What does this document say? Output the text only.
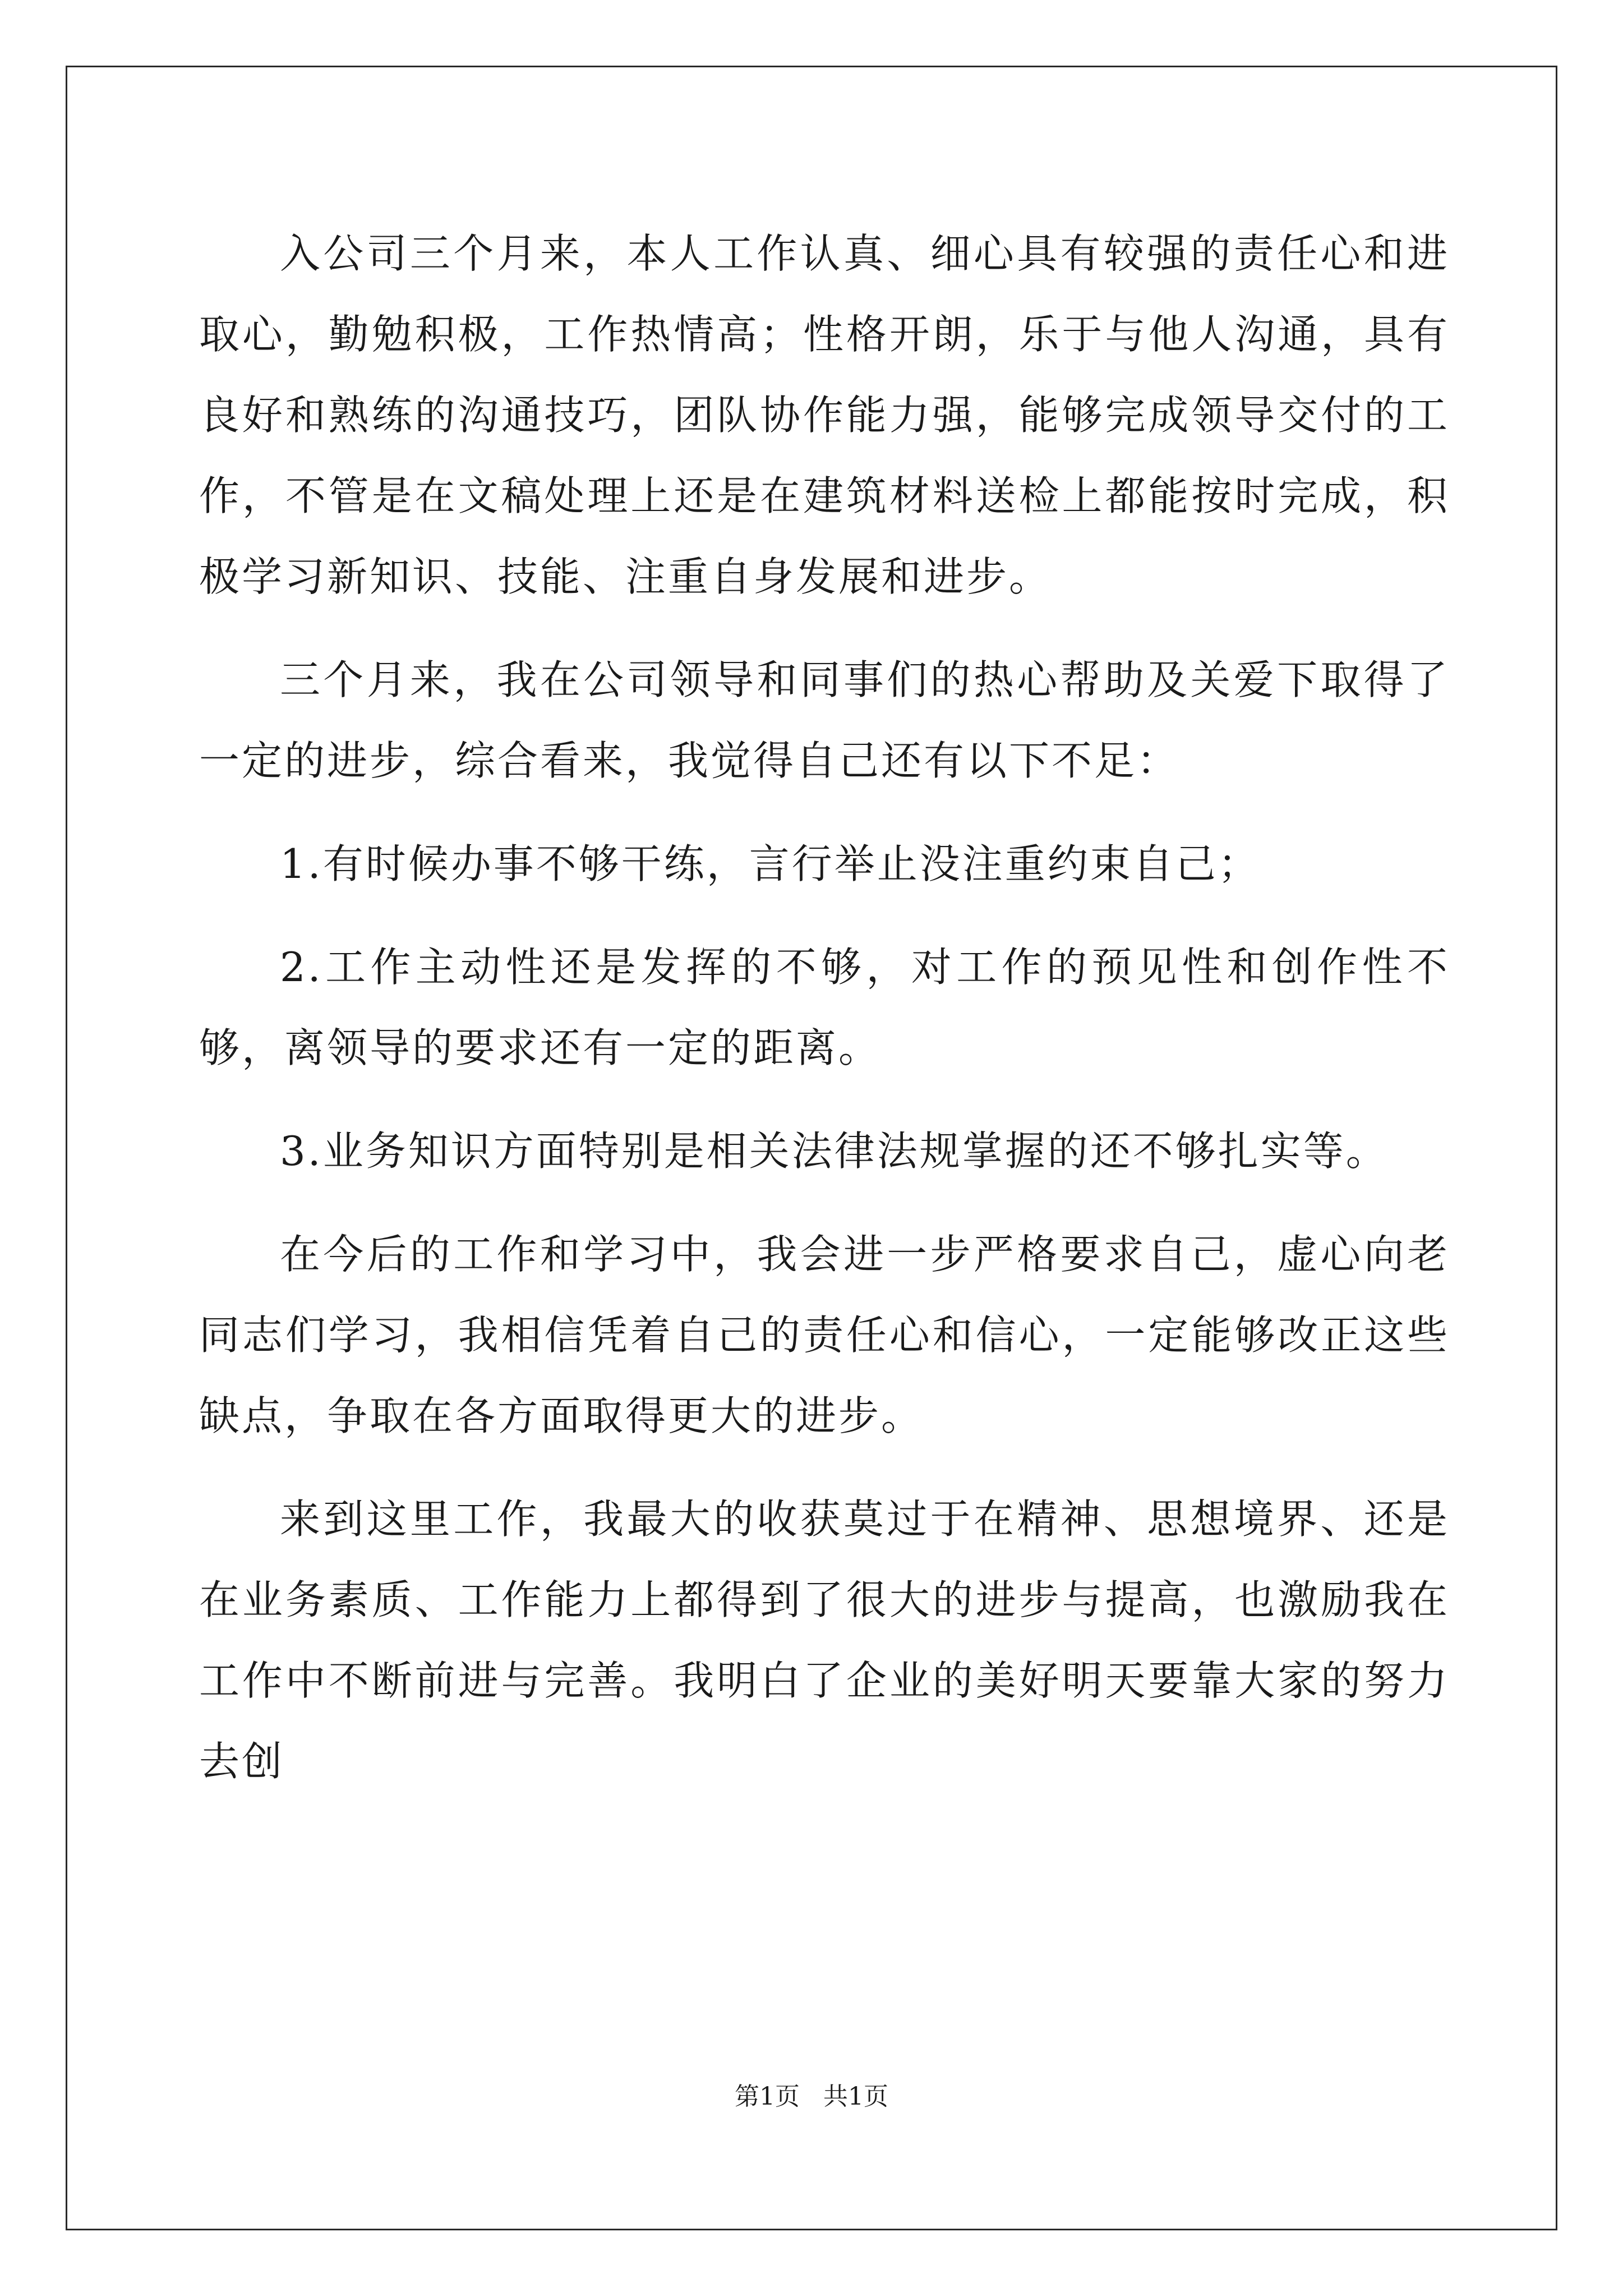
入公司三个月来，本人工作认真、细心具有较强的责任心和进取心，勤勉积极，工作热情高；性格开朗，乐于与他人沟通，具有良好和熟练的沟通技巧，团队协作能力强，能够完成领导交付的工作，不管是在文稿处理上还是在建筑材料送检上都能按时完成，积极学习新知识、技能、注重自身发展和进步。

三个月来，我在公司领导和同事们的热心帮助及关爱下取得了一定的进步，综合看来，我觉得自己还有以下不足：

1.有时候办事不够干练，言行举止没注重约束自己；

2.工作主动性还是发挥的不够，对工作的预见性和创作性不够，离领导的要求还有一定的距离。

3.业务知识方面特别是相关法律法规掌握的还不够扎实等。

在今后的工作和学习中，我会进一步严格要求自己，虚心向老同志们学习，我相信凭着自己的责任心和信心，一定能够改正这些缺点，争取在各方面取得更大的进步。

来到这里工作，我最大的收获莫过于在精神、思想境界、还是在业务素质、工作能力上都得到了很大的进步与提高，也激励我在工作中不断前进与完善。我明白了企业的美好明天要靠大家的努力去创

第1页 共1页
